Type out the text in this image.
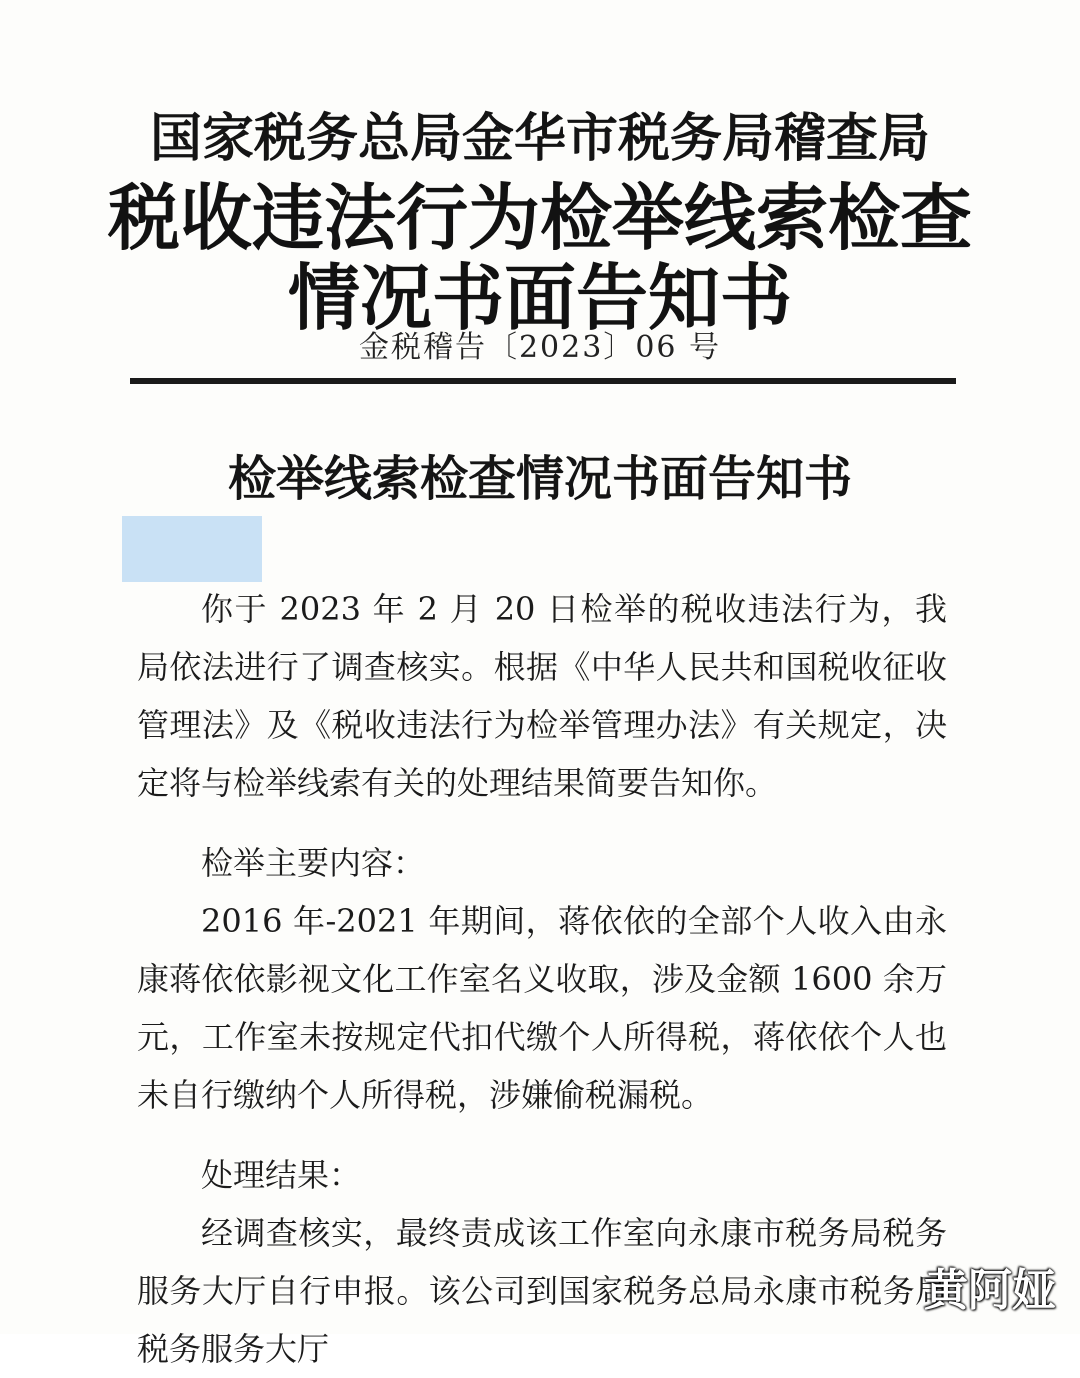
国家税务总局金华市税务局稽查局
税收违法行为检举线索检查
情况书面告知书
金税稽告〔2023〕06 号
检举线索检查情况书面告知书

你于 2023 年 2 月 20 日检举的税收违法行为，我局依法进行了调查核实。根据《中华人民共和国税收征收管理法》及《税收违法行为检举管理办法》有关规定，决定将与检举线索有关的处理结果简要告知你。

检举主要内容：

2016 年-2021 年期间，蒋依依的全部个人收入由永康蒋依依影视文化工作室名义收取，涉及金额 1600 余万元，工作室未按规定代扣代缴个人所得税，蒋依依个人也未自行缴纳个人所得税，涉嫌偷税漏税。

处理结果：

经调查核实，最终责成该工作室向永康市税务局税务服务大厅自行申报。该公司到国家税务总局永康市税务局税务服务大厅

黄阿娅
